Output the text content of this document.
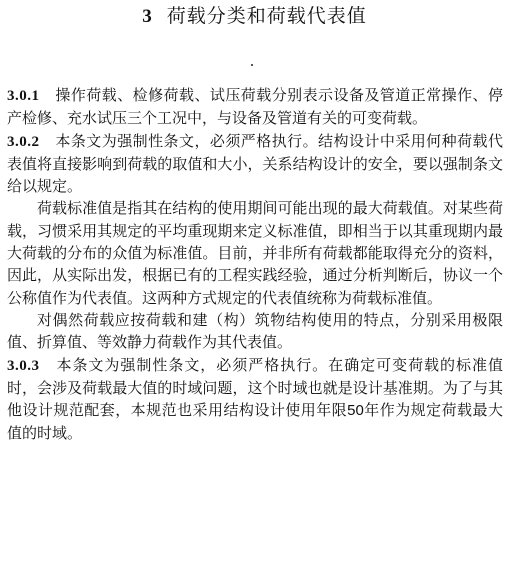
3 荷载分类和荷载代表值

3.0.1　 操作荷载、检修荷载、试压荷载分别表示设备及管道正常操作、停产检修、充水试压三个工况中，与设备及管道有关的可变荷载。

3.0.2　 本条文为强制性条文，必须严格执行。结构设计中采用何种荷载代表值将直接影响到荷载的取值和大小，关系结构设计的安全，要以强制条文给以规定。

荷载标准值是指其在结构的使用期间可能出现的最大荷载值。对某些荷载，习惯采用其规定的平均重现期来定义标准值，即相当于以其重现期内最大荷载的分布的众值为标准值。目前，并非所有荷载都能取得充分的资料，因此，从实际出发，根据已有的工程实践经验，通过分析判断后，协议一个公称值作为代表值。这两种方式规定的代表值统称为荷载标准值。

对偶然荷载应按荷载和建（构）筑物结构使用的特点，分别采用极限值、折算值、等效静力荷载作为其代表值。

3.0.3　 本条文为强制性条文，必须严格执行。在确定可变荷载的标准值时，会涉及荷载最大值的时域问题，这个时域也就是设计基准期。为了与其他设计规范配套，本规范也采用结构设计使用年限50年作为规定荷载最大值的时域。
